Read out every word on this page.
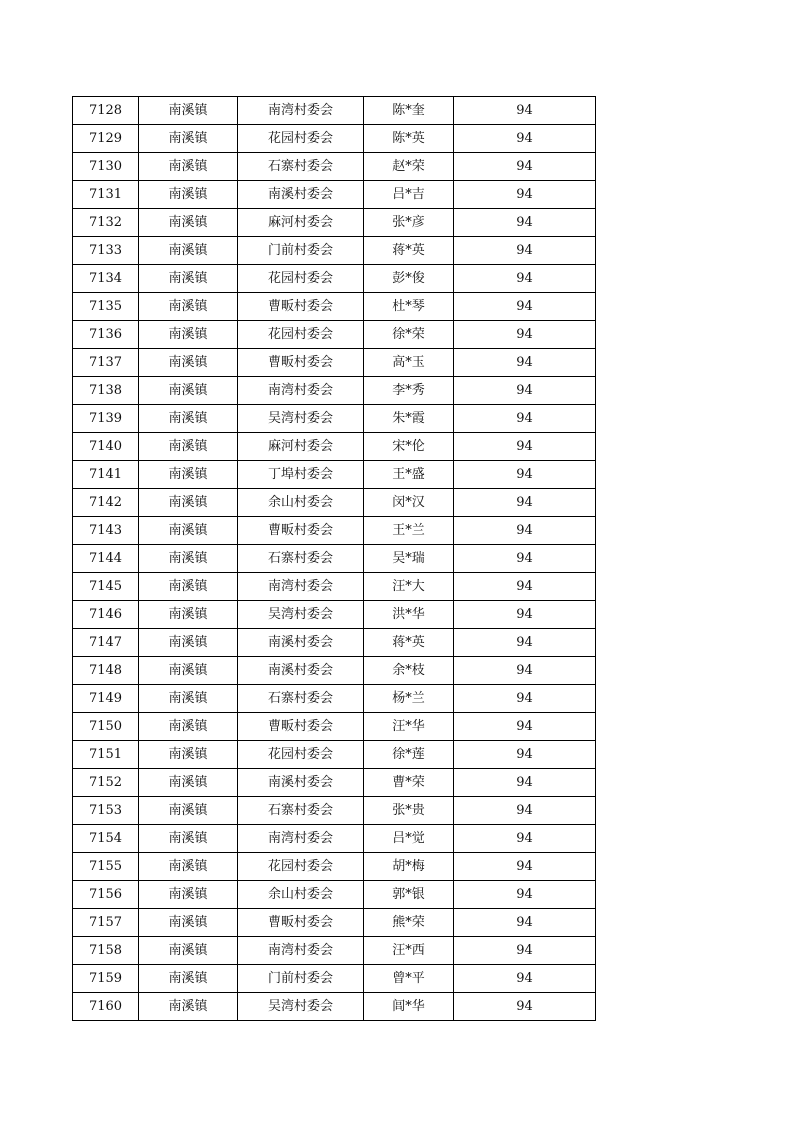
7128	南溪镇	南湾村委会	陈*奎	94
7129	南溪镇	花园村委会	陈*英	94
7130	南溪镇	石寨村委会	赵*荣	94
7131	南溪镇	南溪村委会	吕*吉	94
7132	南溪镇	麻河村委会	张*彦	94
7133	南溪镇	门前村委会	蒋*英	94
7134	南溪镇	花园村委会	彭*俊	94
7135	南溪镇	曹畈村委会	杜*琴	94
7136	南溪镇	花园村委会	徐*荣	94
7137	南溪镇	曹畈村委会	高*玉	94
7138	南溪镇	南湾村委会	李*秀	94
7139	南溪镇	吴湾村委会	朱*霞	94
7140	南溪镇	麻河村委会	宋*伦	94
7141	南溪镇	丁埠村委会	王*盛	94
7142	南溪镇	余山村委会	闵*汉	94
7143	南溪镇	曹畈村委会	王*兰	94
7144	南溪镇	石寨村委会	吴*瑞	94
7145	南溪镇	南湾村委会	汪*大	94
7146	南溪镇	吴湾村委会	洪*华	94
7147	南溪镇	南溪村委会	蒋*英	94
7148	南溪镇	南溪村委会	余*枝	94
7149	南溪镇	石寨村委会	杨*兰	94
7150	南溪镇	曹畈村委会	汪*华	94
7151	南溪镇	花园村委会	徐*莲	94
7152	南溪镇	南溪村委会	曹*荣	94
7153	南溪镇	石寨村委会	张*贵	94
7154	南溪镇	南湾村委会	吕*觉	94
7155	南溪镇	花园村委会	胡*梅	94
7156	南溪镇	余山村委会	郭*银	94
7157	南溪镇	曹畈村委会	熊*荣	94
7158	南溪镇	南湾村委会	汪*西	94
7159	南溪镇	门前村委会	曾*平	94
7160	南溪镇	吴湾村委会	闾*华	94
